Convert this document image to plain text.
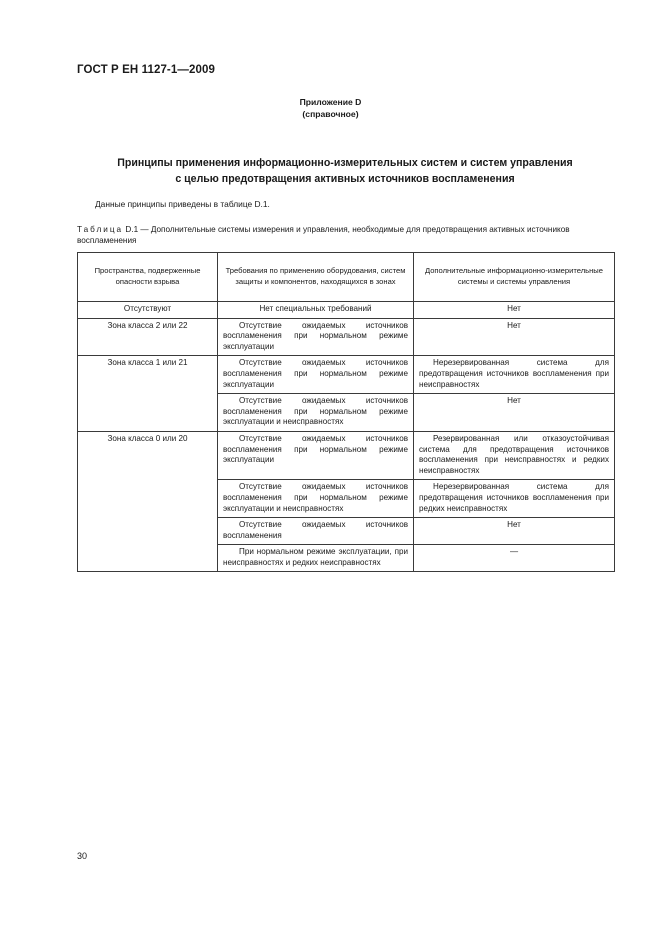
ГОСТ Р ЕН 1127-1—2009
Приложение D
(справочное)
Принципы применения информационно-измерительных систем и систем управления
с целью предотвращения активных источников воспламенения
Данные принципы приведены в таблице D.1.
Таблица D.1 — Дополнительные системы измерения и управления, необходимые для предотвращения активных источников воспламенения
Пространства, подверженные опасности взрыва	Требования по применению оборудования, систем защиты и компонентов, находящихся в зонах	Дополнительные информационно-измерительные системы и системы управления
Отсутствуют	Нет специальных требований	Нет
Зона класса 2 или 22	Отсутствие ожидаемых источников воспламенения при нормальном режиме эксплуатации	Нет
Зона класса 1 или 21	Отсутствие ожидаемых источников воспламенения при нормальном режиме эксплуатации	Нерезервированная система для предотвращения источников воспламенения при неисправностях
	Отсутствие ожидаемых источников воспламенения при нормальном режиме эксплуатации и неисправностях	Нет
Зона класса 0 или 20	Отсутствие ожидаемых источников воспламенения при нормальном режиме эксплуатации	Резервированная или отказоустойчивая система для предотвращения источников воспламенения при неисправностях и редких неисправностях
	Отсутствие ожидаемых источников воспламенения при нормальном режиме эксплуатации и неисправностях	Нерезервированная система для предотвращения источников воспламенения при редких неисправностях
	Отсутствие ожидаемых источников воспламенения	Нет
	При нормальном режиме эксплуатации, при неисправностях и редких неисправностях	—
30
